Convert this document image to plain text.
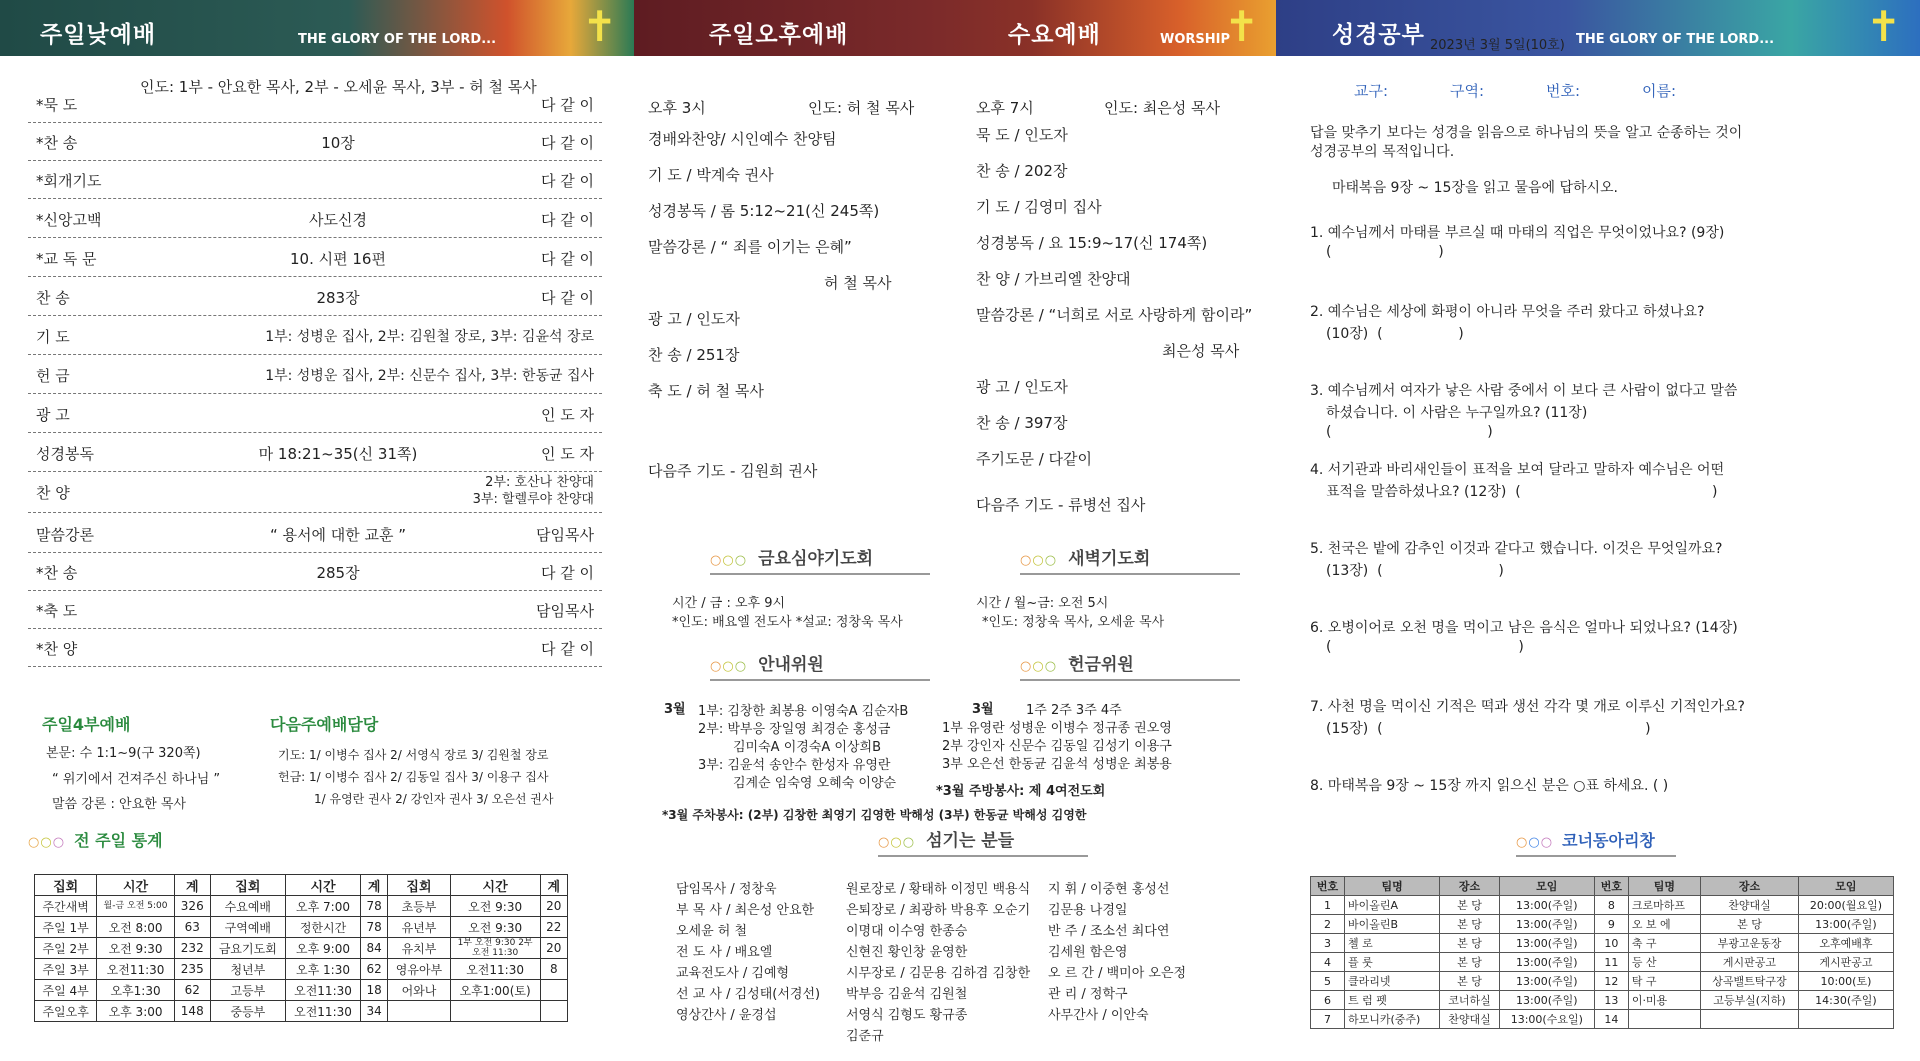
주일낮예배	THE GLORY OF THE LORD... ✝	주일오후예배	수요예배	WORSHIP
✝	성경공부 2023년 3월 5일(10호) THE GLORY OF THE LORD... ✝
인도: 1부 - 안요한 목사, 2부 - 오세윤 목사, 3부 - 허 철 목사
*묵 도	다 같 이
*찬 송	10장	다 같 이
*회개기도	다 같 이
*신앙고백	사도신경	다 같 이
*교 독 문	10. 시편 16편	다 같 이
찬 송	283장	다 같 이
기 도	1부: 성병운 집사, 2부: 김원철 장로, 3부: 김윤석 장로
헌 금	1부: 성병운 집사, 2부: 신문수 집사, 3부: 한동균 집사
광 고	인 도 자
성경봉독	마 18:21~35(신 31쪽)	인 도 자
찬 양
2부: 호산나 찬양대
3부: 할렐루야 찬양대
말씀강론	“ 용서에 대한 교훈 ”	담임목사
*찬 송	285장	다 같 이
*축 도	담임목사
*찬 양	다 같 이
주일4부예배
본문: 수 1:1~9(구 320쪽)
“ 위기에서 건져주신 하나님 ”
말씀 강론 : 안요한 목사
다음주예배담당
기도: 1/ 이병수 집사 2/ 서영식 장로 3/ 김원철 장로
헌금: 1/ 이병수 집사 2/ 김동일 집사 3/ 이용구 집사
1/ 유영란 권사 2/ 강인자 권사 3/ 오은선 권사
○○○ 전 주일 통계
집회	시간	계	집회	시간	계	집회	시간	계
주간새벽	월-금 오전 5:00	326	수요예배	오후 7:00	78	초등부	오전 9:30	20
주일 1부	오전 8:00	63	구역예배	정한시간	78	유년부	오전 9:30	22
주일 2부	오전 9:30	232	금요기도회	오후 9:00	84	유치부	1부 오전 9:30 2부 오전 11:30	20
주일 3부	오전11:30	235	청년부	오후 1:30	62	영유아부	오전11:30	8
주일 4부	오후1:30	62	고등부	오전11:30	18	어와나	오후1:00(토)	
주일오후	오후 3:00	148	중등부	오전11:30	34			
오후 3시	인도: 허 철 목사
경배와찬양/ 시인예수 찬양팀
기 도 / 박계숙 권사
성경봉독 / 롬 5:12~21(신 245쪽)
말씀강론 / “ 죄를 이기는 은혜”
허 철 목사
광 고 / 인도자
찬 송 / 251장
축 도 / 허 철 목사
다음주 기도 - 김원희 권사
오후 7시	인도: 최은성 목사
묵 도 / 인도자
찬 송 / 202장
기 도 / 김영미 집사
성경봉독 / 요 15:9~17(신 174쪽)
찬 양 / 가브리엘 찬양대
말씀강론 / “너희로 서로 사랑하게 함이라”
최은성 목사
광 고 / 인도자
찬 송 / 397장
주기도문 / 다같이
다음주 기도 - 류병선 집사
○○○ 금요심야기도회
시간 / 금 : 오후 9시
*인도: 배요엘 전도사 *설교: 정창욱 목사
○○○ 새벽기도회
시간 / 월~금: 오전 5시
*인도: 정창욱 목사, 오세윤 목사
○○○ 안내위원
3월 1부: 김창한 최봉용 이영숙A 김순자B
2부: 박부응 장일영 최경순 홍성금
김미숙A 이경숙A 이상희B
3부: 김윤석 송안수 한성자 유영란
김계순 임숙영 오혜숙 이양순
○○○ 헌금위원
3월 1주 2주 3주 4주
1부 유영란 성병운 이병수 정규종 권오영
2부 강인자 신문수 김동일 김성기 이용구
3부 오은선 한동균 김윤석 성병운 최봉용
*3월 주방봉사: 제 4여전도회
*3월 주차봉사: (2부) 김창한 최영기 김영한 박해성 (3부) 한동균 박해성 김영한
○○○ 섬기는 분들
담임목사 / 정창욱
부 목 사 / 최은성 안요한
오세윤 허 철
전 도 사 / 배요엘
교육전도사 / 김예형
선 교 사 / 김성태(서경선)
영상간사 / 윤경섭
원로장로 / 황태하 이정민 백용식
은퇴장로 / 최광하 박용후 오순기
이명대 이수영 한종승
신현진 황인창 윤영한
시무장로 / 김문용 김하겸 김창한
박부응 김윤석 김원철
서영식 김형도 황규종
김준규
지 휘 / 이중현 홍성선
김문용 나경일
반 주 / 조소선 최다연
김세원 함은영
오 르 간 / 백미아 오은정
관 리 / 정학구
사무간사 / 이안숙
교구:	구역:	번호:	이름:
답을 맞추기 보다는 성경을 읽음으로 하나님의 뜻을 알고 순종하는 것이
성경공부의 목적입니다.
마태복음 9장 ~ 15장을 읽고 물음에 답하시오.
1. 예수님께서 마태를 부르실 때 마태의 직업은 무엇이었나요? (9장)
(                        )
2. 예수님은 세상에 화평이 아니라 무엇을 주러 왔다고 하셨나요?
(10장)  (                 )
3. 예수님께서 여자가 낳은 사람 중에서 이 보다 큰 사람이 없다고 말씀
하셨습니다. 이 사람은 누구일까요? (11장)
(                                   )
4. 서기관과 바리새인들이 표적을 보여 달라고 말하자 예수님은 어떤
표적을 말씀하셨나요? (12장)  (                                           )
5. 천국은 밭에 감추인 이것과 같다고 했습니다. 이것은 무엇일까요?
(13장)  (                          )
6. 오병이어로 오천 명을 먹이고 남은 음식은 얼마나 되었나요? (14장)
(                                          )
7. 사천 명을 먹이신 기적은 떡과 생선 각각 몇 개로 이루신 기적인가요?
(15장)  (                                                           )
8. 마태복음 9장 ~ 15장 까지 읽으신 분은 ○표 하세요. ( )
○○○ 코너동아리창
번호	팀명	장소	모임	번호	팀명	장소	모임
1	바이올린A	본 당	13:00(주일)	8	크로마하프	찬양대실	20:00(월요일)
2	바이올린B	본 당	13:00(주일)	9	오 보 에	본 당	13:00(주일)
3	첼 로	본 당	13:00(주일)	10	축 구	부광고운동장	오후예배후
4	플 룻	본 당	13:00(주일)	11	등 산	게시판공고	게시판공고
5	클라리넷	본 당	13:00(주일)	12	탁 구	상곡밸트탁구장	10:00(토)
6	트 럼 펫	코너하실	13:00(주일)	13	이·미용	고등부실(지하)	14:30(주일)
7	하모니카(중주)	찬양대실	13:00(수요일)	14			
